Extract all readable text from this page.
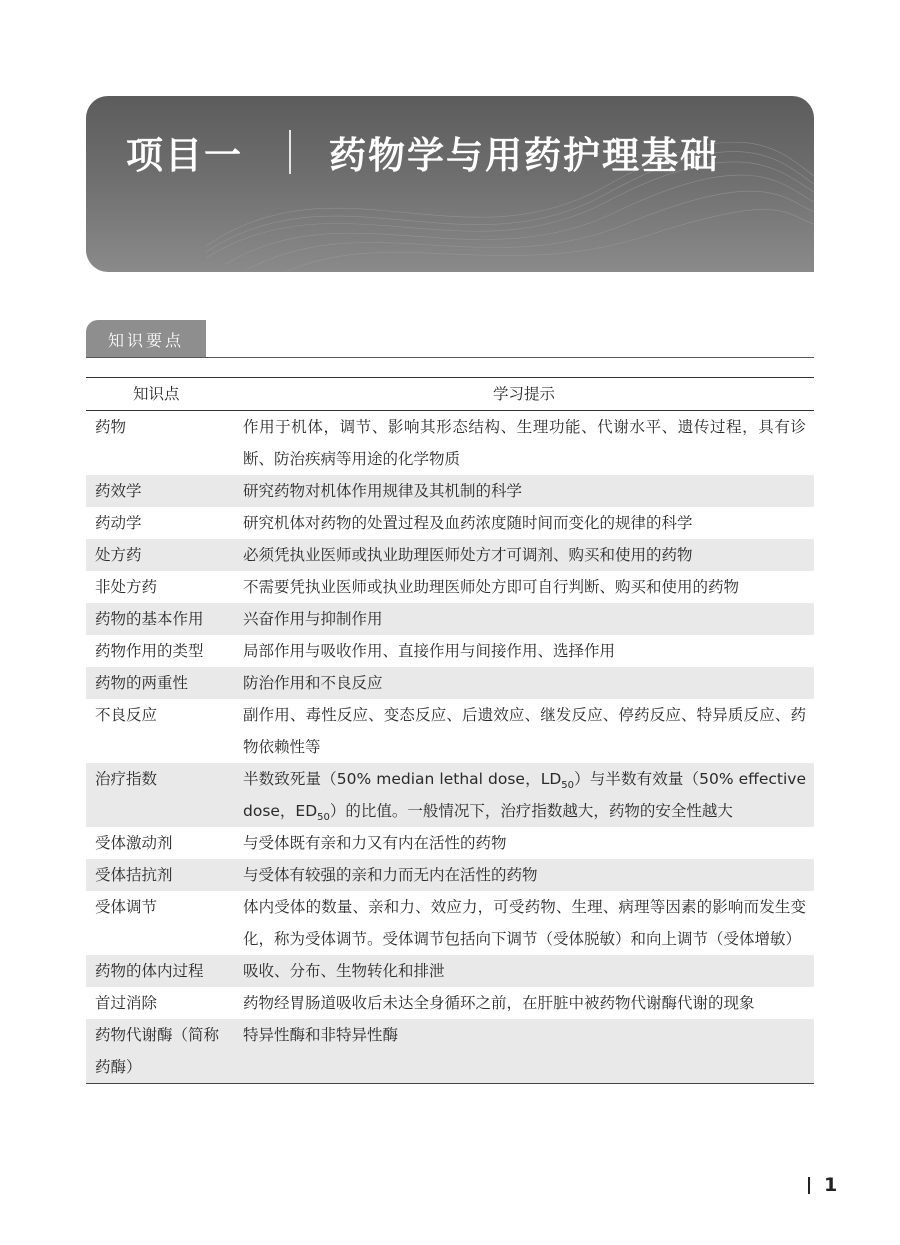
项目一 药物学与用药护理基础
知识要点
知识点	学习提示
药物	作用于机体，调节、影响其形态结构、生理功能、代谢水平、遗传过程，具有诊断、防治疾病等用途的化学物质
药效学	研究药物对机体作用规律及其机制的科学
药动学	研究机体对药物的处置过程及血药浓度随时间而变化的规律的科学
处方药	必须凭执业医师或执业助理医师处方才可调剂、购买和使用的药物
非处方药	不需要凭执业医师或执业助理医师处方即可自行判断、购买和使用的药物
药物的基本作用	兴奋作用与抑制作用
药物作用的类型	局部作用与吸收作用、直接作用与间接作用、选择作用
药物的两重性	防治作用和不良反应
不良反应	副作用、毒性反应、变态反应、后遗效应、继发反应、停药反应、特异质反应、药物依赖性等
治疗指数	半数致死量（50% median lethal dose，$LD_{50}$）与半数有效量（50% effective dose，$ED_{50}$）的比值。一般情况下，治疗指数越大，药物的安全性越大
受体激动剂	与受体既有亲和力又有内在活性的药物
受体拮抗剂	与受体有较强的亲和力而无内在活性的药物
受体调节	体内受体的数量、亲和力、效应力，可受药物、生理、病理等因素的影响而发生变化，称为受体调节。受体调节包括向下调节（受体脱敏）和向上调节（受体增敏）
药物的体内过程	吸收、分布、生物转化和排泄
首过消除	药物经胃肠道吸收后未达全身循环之前，在肝脏中被药物代谢酶代谢的现象
药物代谢酶（简称药酶）	特异性酶和非特异性酶
1
